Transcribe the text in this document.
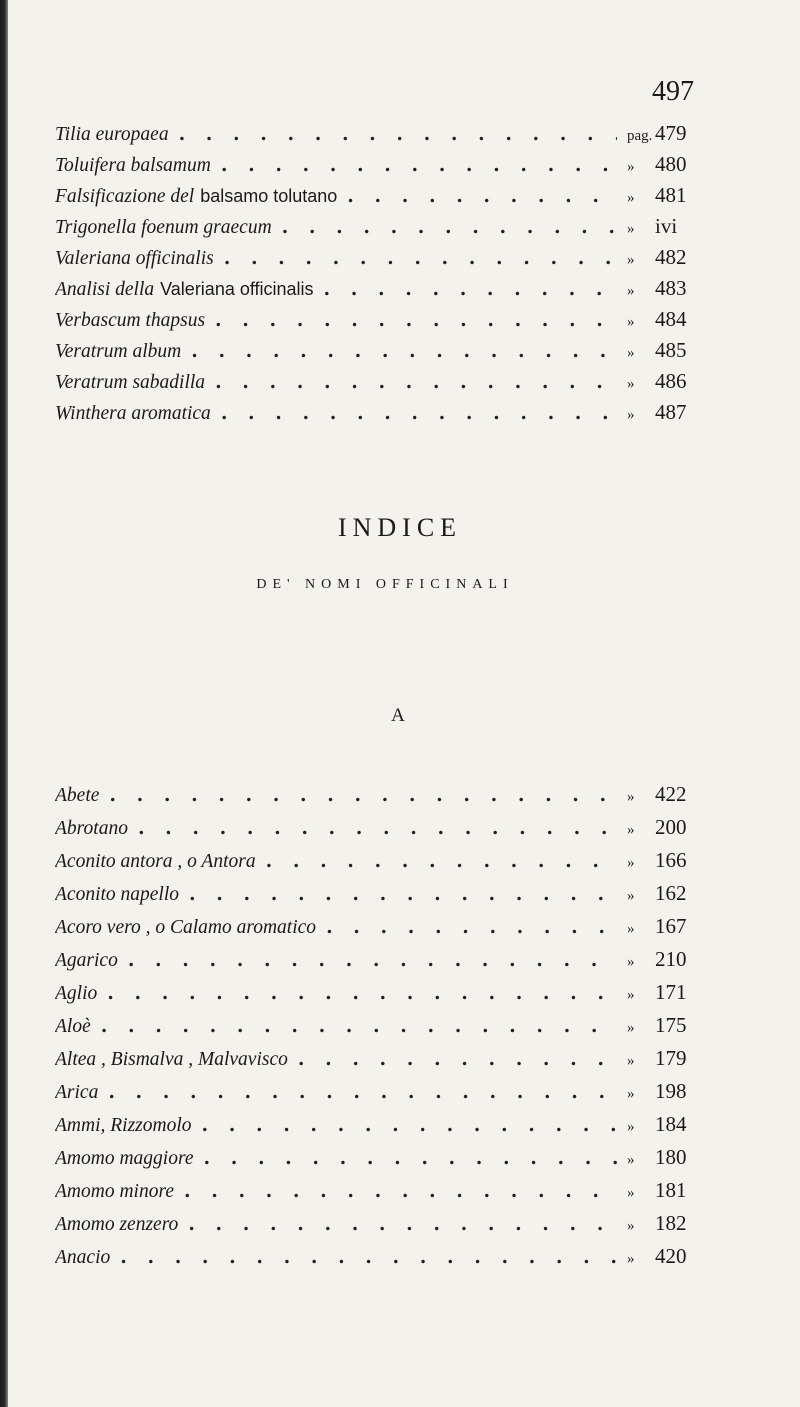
497
Tilia europaea . . .	pag. 479
Toluifera balsamum . . .	» 480
Falsificazione del balsamo tolutano . . .	» 481
Trigonella foenum graecum . . .	» ivi
Valeriana officinalis . . .	» 482
Analisi della Valeriana officinalis . . .	» 483
Verbascum thapsus . . .	» 484
Veratrum album . . .	» 485
Veratrum sabadilla . . .	» 486
Winthera aromatica . . .	» 487
INDICE
DE' NOMI OFFICINALI
A
Abete . . .	» 422
Abrotano . . .	» 200
Aconito antora , o Antora . . .	» 166
Aconito napello . . .	» 162
Acoro vero , o Calamo aromatico . . .	» 167
Agarico . . .	» 210
Aglio . . .	» 171
Aloè . . .	» 175
Altea , Bismalva , Malvavisco . . .	» 179
Arica . . .	» 198
Ammi, Rizzomolo . . .	» 184
Amomo maggiore . . .	» 180
Amomo minore . . .	» 181
Amomo zenzero . . .	» 182
Anacio . . .	» 420
